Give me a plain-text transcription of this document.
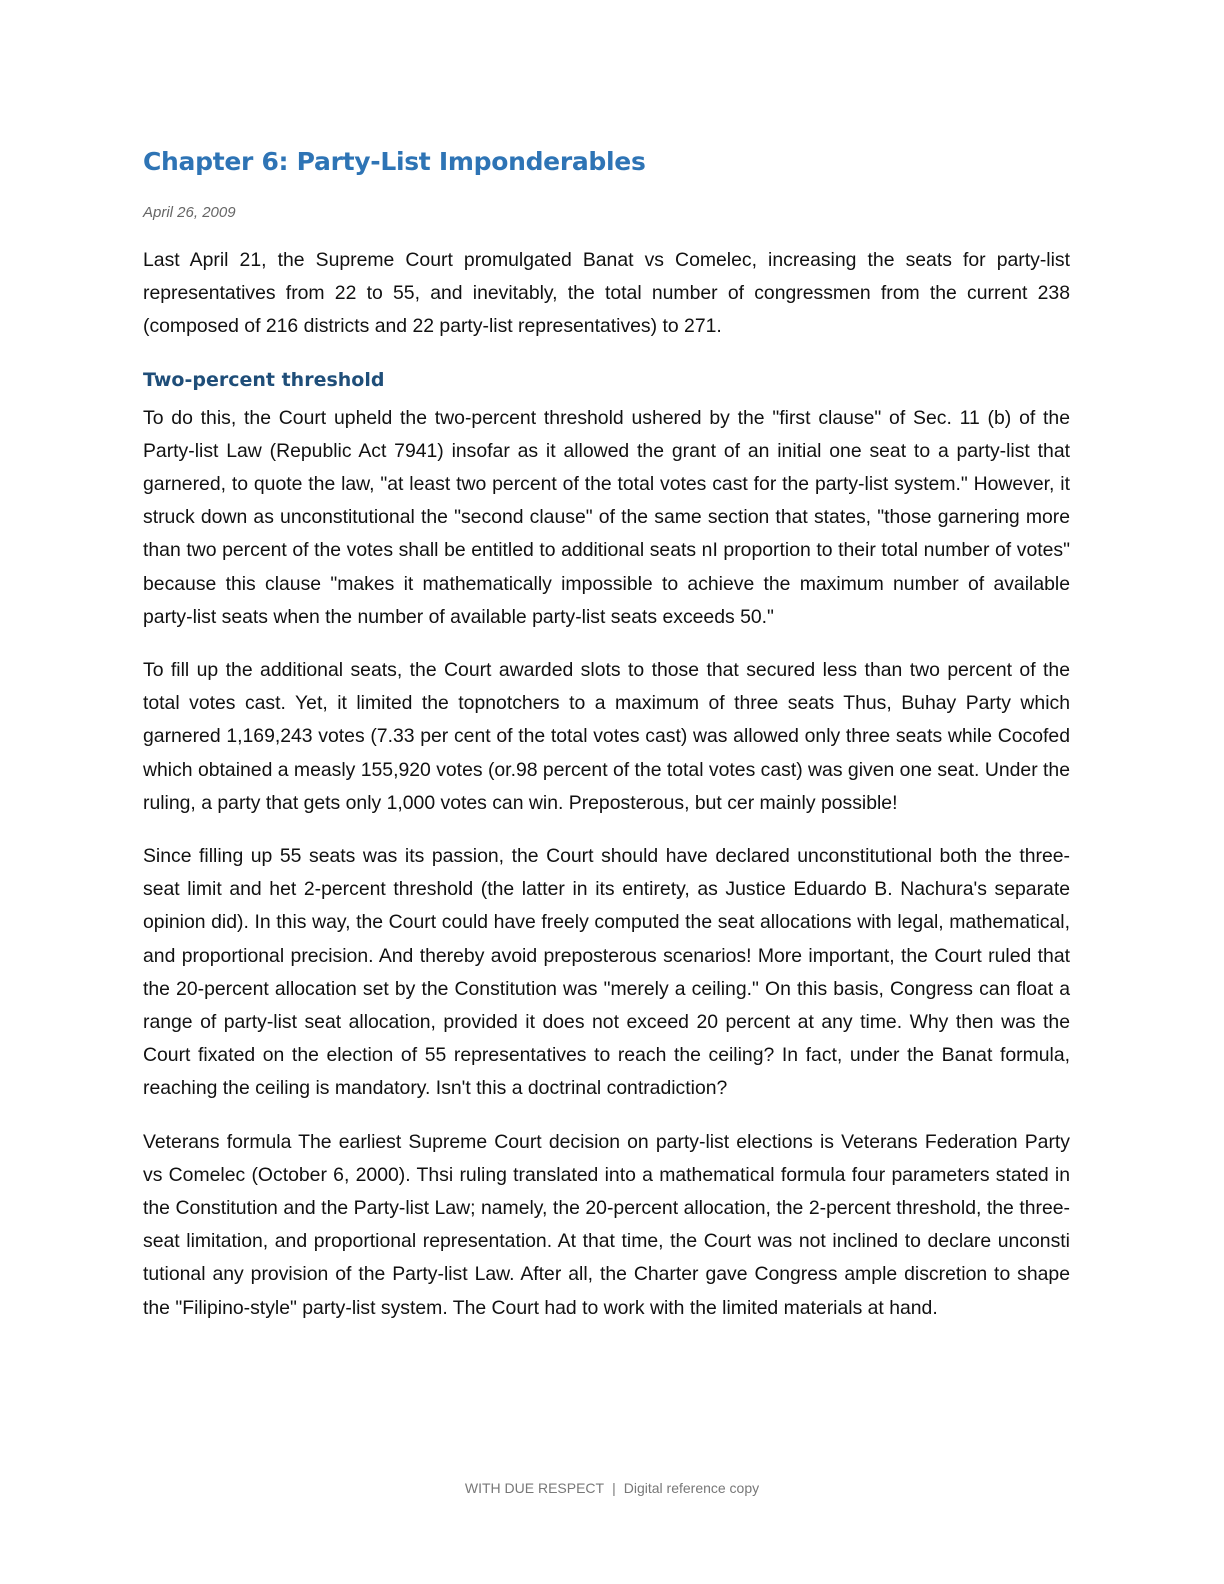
Chapter 6: Party-List Imponderables
April 26, 2009

Last April 21, the Supreme Court promulgated Banat vs Comelec, increasing the seats for party-list representatives from 22 to 55, and inevitably, the total number of congressmen from the current 238 (composed of 216 districts and 22 party-list representatives) to 271.

Two-percent threshold

To do this, the Court upheld the two-percent threshold ushered by the "first clause" of Sec. 11 (b) of the Party-list Law (Republic Act 7941) insofar as it allowed the grant of an initial one seat to a party-list that garnered, to quote the law, "at least two percent of the total votes cast for the party-list system." However, it struck down as unconstitutional the "second clause" of the same section that states, "those garnering more than two percent of the votes shall be entitled to additional seats nI proportion to their total number of votes" because this clause "makes it mathematically impossible to achieve the maximum number of available party-list seats when the number of available party-list seats exceeds 50."

To fill up the additional seats, the Court awarded slots to those that secured less than two percent of the total votes cast. Yet, it limited the topnotchers to a maximum of three seats Thus, Buhay Party which garnered 1,169,243 votes (7.33 per cent of the total votes cast) was allowed only three seats while Cocofed which obtained a measly 155,920 votes (or.98 percent of the total votes cast) was given one seat. Under the ruling, a party that gets only 1,000 votes can win. Preposterous, but cer mainly possible!

Since filling up 55 seats was its passion, the Court should have declared unconstitutional both the three-seat limit and het 2-percent threshold (the latter in its entirety, as Justice Eduardo B. Nachura's separate opinion did). In this way, the Court could have freely computed the seat allocations with legal, mathematical, and proportional precision. And thereby avoid preposterous scenarios! More important, the Court ruled that the 20-percent allocation set by the Constitution was "merely a ceiling." On this basis, Congress can float a range of party-list seat allocation, provided it does not exceed 20 percent at any time. Why then was the Court fixated on the election of 55 representatives to reach the ceiling? In fact, under the Banat formula, reaching the ceiling is mandatory. Isn't this a doctrinal contradiction?

Veterans formula The earliest Supreme Court decision on party-list elections is Veterans Federation Party vs Comelec (October 6, 2000). Thsi ruling translated into a mathematical formula four parameters stated in the Constitution and the Party-list Law; namely, the 20-percent allocation, the 2-percent threshold, the three-seat limitation, and proportional representation. At that time, the Court was not inclined to declare unconsti tutional any provision of the Party-list Law. After all, the Charter gave Congress ample discretion to shape the "Filipino-style" party-list system. The Court had to work with the limited materials at hand.

WITH DUE RESPECT | Digital reference copy
